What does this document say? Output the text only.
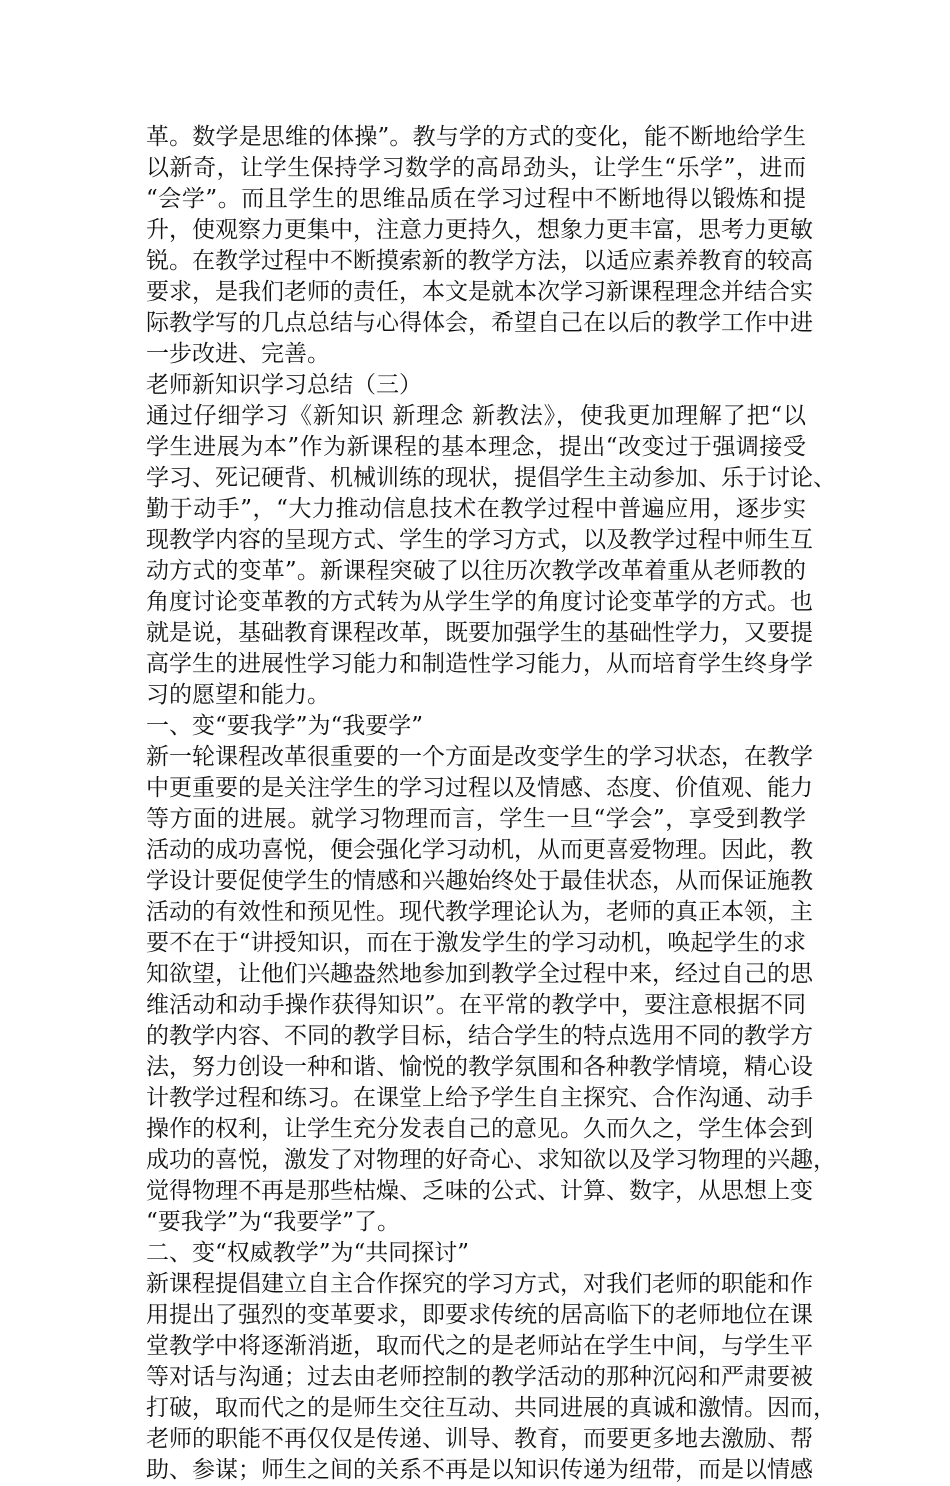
革。数学是思维的体操”。教与学的方式的变化，能不断地给学生
以新奇，让学生保持学习数学的高昂劲头，让学生“乐学”，进而
“会学”。而且学生的思维品质在学习过程中不断地得以锻炼和提
升，使观察力更集中，注意力更持久，想象力更丰富，思考力更敏
锐。在教学过程中不断摸索新的教学方法，以适应素养教育的较高
要求，是我们老师的责任，本文是就本次学习新课程理念并结合实
际教学写的几点总结与心得体会，希望自己在以后的教学工作中进
一步改进、完善。
老师新知识学习总结（三）
通过仔细学习《新知识 新理念 新教法》，使我更加理解了把“以
学生进展为本”作为新课程的基本理念，提出“改变过于强调接受
学习、死记硬背、机械训练的现状，提倡学生主动参加、乐于讨论、
勤于动手”，“大力推动信息技术在教学过程中普遍应用，逐步实
现教学内容的呈现方式、学生的学习方式，以及教学过程中师生互
动方式的变革”。新课程突破了以往历次教学改革着重从老师教的
角度讨论变革教的方式转为从学生学的角度讨论变革学的方式。也
就是说，基础教育课程改革，既要加强学生的基础性学力，又要提
高学生的进展性学习能力和制造性学习能力，从而培育学生终身学
习的愿望和能力。
一、变“要我学”为“我要学”
新一轮课程改革很重要的一个方面是改变学生的学习状态，在教学
中更重要的是关注学生的学习过程以及情感、态度、价值观、能力
等方面的进展。就学习物理而言，学生一旦“学会”，享受到教学
活动的成功喜悦，便会强化学习动机，从而更喜爱物理。因此，教
学设计要促使学生的情感和兴趣始终处于最佳状态，从而保证施教
活动的有效性和预见性。现代教学理论认为，老师的真正本领，主
要不在于“讲授知识，而在于激发学生的学习动机，唤起学生的求
知欲望，让他们兴趣盎然地参加到教学全过程中来，经过自己的思
维活动和动手操作获得知识”。在平常的教学中，要注意根据不同
的教学内容、不同的教学目标，结合学生的特点选用不同的教学方
法，努力创设一种和谐、愉悦的教学氛围和各种教学情境，精心设
计教学过程和练习。在课堂上给予学生自主探究、合作沟通、动手
操作的权利，让学生充分发表自己的意见。久而久之，学生体会到
成功的喜悦，激发了对物理的好奇心、求知欲以及学习物理的兴趣，
觉得物理不再是那些枯燥、乏味的公式、计算、数字，从思想上变
“要我学”为“我要学”了。
二、变“权威教学”为“共同探讨”
新课程提倡建立自主合作探究的学习方式，对我们老师的职能和作
用提出了强烈的变革要求，即要求传统的居高临下的老师地位在课
堂教学中将逐渐消逝，取而代之的是老师站在学生中间，与学生平
等对话与沟通；过去由老师控制的教学活动的那种沉闷和严肃要被
打破，取而代之的是师生交往互动、共同进展的真诚和激情。因而，
老师的职能不再仅仅是传递、训导、教育，而要更多地去激励、帮
助、参谋；师生之间的关系不再是以知识传递为纽带，而是以情感
